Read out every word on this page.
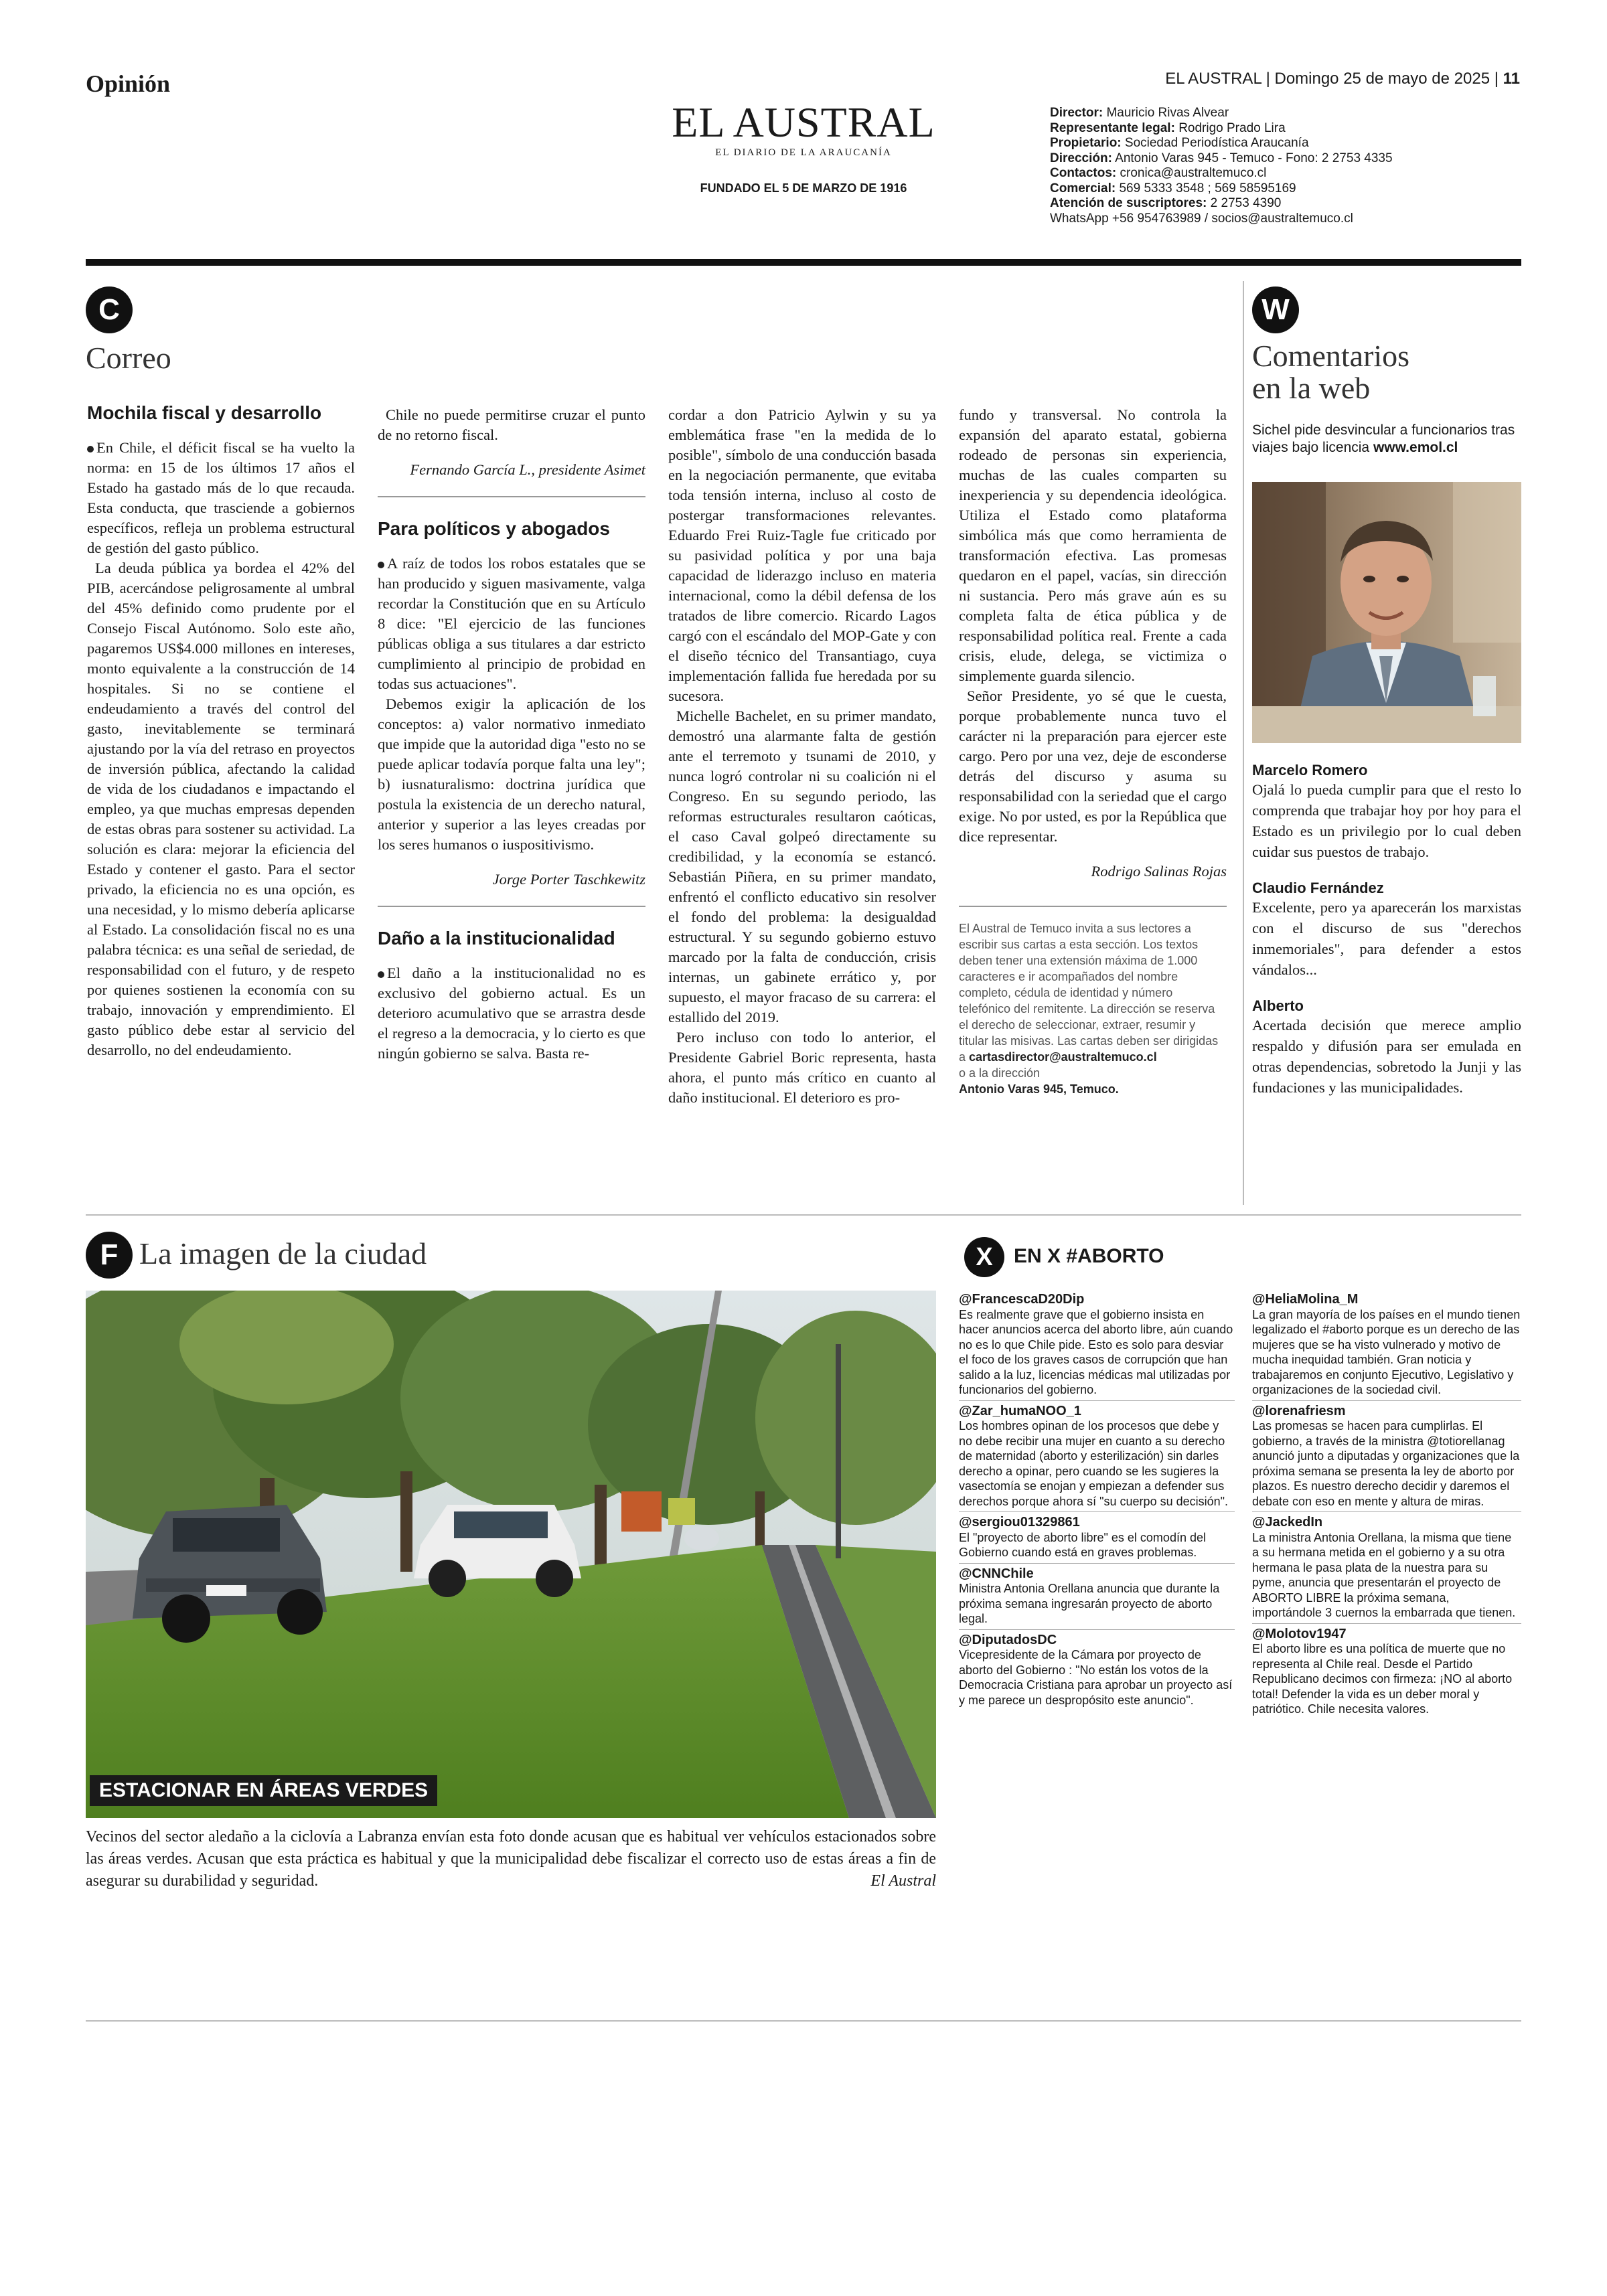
Opinión
EL AUSTRAL
EL DIARIO DE LA ARAUCANÍA
FUNDADO EL 5 DE MARZO DE 1916
EL AUSTRAL | Domingo 25 de mayo de 2025 | 11
Director: Mauricio Rivas Alvear
Representante legal: Rodrigo Prado Lira
Propietario: Sociedad Periodística Araucanía
Dirección: Antonio Varas 945 - Temuco - Fono: 2 2753 4335
Contactos: cronica@australtemuco.cl
Comercial: 569 5333 3548 ; 569 58595169
Atención de suscriptores: 2 2753 4390
WhatsApp +56 954763989 / socios@australtemuco.cl
C
Correo
Mochila fiscal y desarrollo

En Chile, el déficit fiscal se ha vuelto la norma: en 15 de los últimos 17 años el Estado ha gastado más de lo que recauda. Esta conducta, que trasciende a gobiernos específicos, refleja un problema estructural de gestión del gasto público.

La deuda pública ya bordea el 42% del PIB, acercándose peligrosamente al umbral del 45% definido como prudente por el Consejo Fiscal Autónomo. Solo este año, pagaremos US$4.000 millones en intereses, monto equivalente a la construcción de 14 hospitales. Si no se contiene el endeudamiento a través del control del gasto, inevitablemente se terminará ajustando por la vía del retraso en proyectos de inversión pública, afectando la calidad de vida de los ciudadanos e impactando el empleo, ya que muchas empresas dependen de estas obras para sostener su actividad. La solución es clara: mejorar la eficiencia del Estado y contener el gasto. Para el sector privado, la eficiencia no es una opción, es una necesidad, y lo mismo debería aplicarse al Estado. La consolidación fiscal no es una palabra técnica: es una señal de seriedad, de responsabilidad con el futuro, y de respeto por quienes sostienen la economía con su trabajo, innovación y emprendimiento. El gasto público debe estar al servicio del desarrollo, no del endeudamiento.

Chile no puede permitirse cruzar el punto de no retorno fiscal.

Fernando García L., presidente Asimet
Para políticos y abogados

A raíz de todos los robos estatales que se han producido y siguen masivamente, valga recordar la Constitución que en su Artículo 8 dice: "El ejercicio de las funciones públicas obliga a sus titulares a dar estricto cumplimiento al principio de probidad en todas sus actuaciones".

Debemos exigir la aplicación de los conceptos: a) valor normativo inmediato que impide que la autoridad diga "esto no se puede aplicar todavía porque falta una ley"; b) iusnaturalismo: doctrina jurídica que postula la existencia de un derecho natural, anterior y superior a las leyes creadas por los seres humanos o iuspositivismo.

Jorge Porter Taschkewitz
Daño a la institucionalidad

El daño a la institucionalidad no es exclusivo del gobierno actual. Es un deterioro acumulativo que se arrastra desde el regreso a la democracia, y lo cierto es que ningún gobierno se salva. Basta re-

cordar a don Patricio Aylwin y su ya emblemática frase "en la medida de lo posible", símbolo de una conducción basada en la negociación permanente, que evitaba toda tensión interna, incluso al costo de postergar transformaciones relevantes. Eduardo Frei Ruiz-Tagle fue criticado por su pasividad política y por una baja capacidad de liderazgo incluso en materia internacional, como la débil defensa de los tratados de libre comercio. Ricardo Lagos cargó con el escándalo del MOP-Gate y con el diseño técnico del Transantiago, cuya implementación fallida fue heredada por su sucesora.

Michelle Bachelet, en su primer mandato, demostró una alarmante falta de gestión ante el terremoto y tsunami de 2010, y nunca logró controlar ni su coalición ni el Congreso. En su segundo periodo, las reformas estructurales resultaron caóticas, el caso Caval golpeó directamente su credibilidad, y la economía se estancó. Sebastián Piñera, en su primer mandato, enfrentó el conflicto educativo sin resolver el fondo del problema: la desigualdad estructural. Y su segundo gobierno estuvo marcado por la falta de conducción, crisis internas, un gabinete errático y, por supuesto, el mayor fracaso de su carrera: el estallido del 2019.

Pero incluso con todo lo anterior, el Presidente Gabriel Boric representa, hasta ahora, el punto más crítico en cuanto al daño institucional. El deterioro es pro-

fundo y transversal. No controla la expansión del aparato estatal, gobierna rodeado de personas sin experiencia, muchas de las cuales comparten su inexperiencia y su dependencia ideológica. Utiliza el Estado como plataforma simbólica más que como herramienta de transformación efectiva. Las promesas quedaron en el papel, vacías, sin dirección ni sustancia. Pero más grave aún es su completa falta de ética pública y de responsabilidad política real. Frente a cada crisis, elude, delega, se victimiza o simplemente guarda silencio.

Señor Presidente, yo sé que le cuesta, porque probablemente nunca tuvo el carácter ni la preparación para ejercer este cargo. Pero por una vez, deje de esconderse detrás del discurso y asuma su responsabilidad con la seriedad que el cargo exige. No por usted, es por la República que dice representar.

Rodrigo Salinas Rojas
El Austral de Temuco invita a sus lectores a escribir sus cartas a esta sección. Los textos deben tener una extensión máxima de 1.000 caracteres e ir acompañados del nombre completo, cédula de identidad y número telefónico del remitente. La dirección se reserva el derecho de seleccionar, extraer, resumir y titular las misivas. Las cartas deben ser dirigidas a cartasdirector@australtemuco.cl
o a la dirección
Antonio Varas 945, Temuco.
W
Comentarios
en la web
Sichel pide desvincular a funcionarios tras viajes bajo licencia www.emol.cl
Marcelo Romero
Ojalá lo pueda cumplir para que el resto lo comprenda que trabajar hoy por hoy para el Estado es un privilegio por lo cual deben cuidar sus puestos de trabajo.
Claudio Fernández
Excelente, pero ya aparecerán los marxistas con el discurso de sus "derechos inmemoriales", para defender a estos vándalos...
Alberto
Acertada decisión que merece amplio respaldo y difusión para ser emulada en otras dependencias, sobretodo la Junji y las fundaciones y las municipalidades.
F La imagen de la ciudad
ESTACIONAR EN ÁREAS VERDES
Vecinos del sector aledaño a la ciclovía a Labranza envían esta foto donde acusan que es habitual ver vehículos estacionados sobre las áreas verdes. Acusan que esta práctica es habitual y que la municipalidad debe fiscalizar el correcto uso de estas áreas a fin de asegurar su durabilidad y seguridad.	El Austral
X	EN X #ABORTO
@FrancescaD20Dip
Es realmente grave que el gobierno insista en hacer anuncios acerca del aborto libre, aún cuando no es lo que Chile pide. Esto es solo para desviar el foco de los graves casos de corrupción que han salido a la luz, licencias médicas mal utilizadas por funcionarios del gobierno.
@Zar_humaNOO_1
Los hombres opinan de los procesos que debe y no debe recibir una mujer en cuanto a su derecho de maternidad (aborto y esterilización) sin darles derecho a opinar, pero cuando se les sugieres la vasectomía se enojan y empiezan a defender sus derechos porque ahora sí "su cuerpo su decisión".
@sergiou01329861
El "proyecto de aborto libre" es el comodín del Gobierno cuando está en graves problemas.
@CNNChile
Ministra Antonia Orellana anuncia que durante la próxima semana ingresarán proyecto de aborto legal.
@DiputadosDC
Vicepresidente de la Cámara por proyecto de aborto del Gobierno : "No están los votos de la Democracia Cristiana para aprobar un proyecto así y me parece un despropósito este anuncio".
@HeliaMolina_M
La gran mayoría de los países en el mundo tienen legalizado el #aborto porque es un derecho de las mujeres que se ha visto vulnerado y motivo de mucha inequidad también. Gran noticia y trabajaremos en conjunto Ejecutivo, Legislativo y organizaciones de la sociedad civil.
@lorenafriesm
Las promesas se hacen para cumplirlas. El gobierno, a través de la ministra @totiorellanag anunció junto a diputadas y organizaciones que la próxima semana se presenta la ley de aborto por plazos. Es nuestro derecho decidir y daremos el debate con eso en mente y altura de miras.
@JackedIn
La ministra Antonia Orellana, la misma que tiene a su hermana metida en el gobierno y a su otra hermana le pasa plata de la nuestra para su pyme, anuncia que presentarán el proyecto de ABORTO LIBRE la próxima semana, importándole 3 cuernos la embarrada que tienen.
@Molotov1947
El aborto libre es una política de muerte que no representa al Chile real. Desde el Partido Republicano decimos con firmeza: ¡NO al aborto total! Defender la vida es un deber moral y patriótico. Chile necesita valores.
